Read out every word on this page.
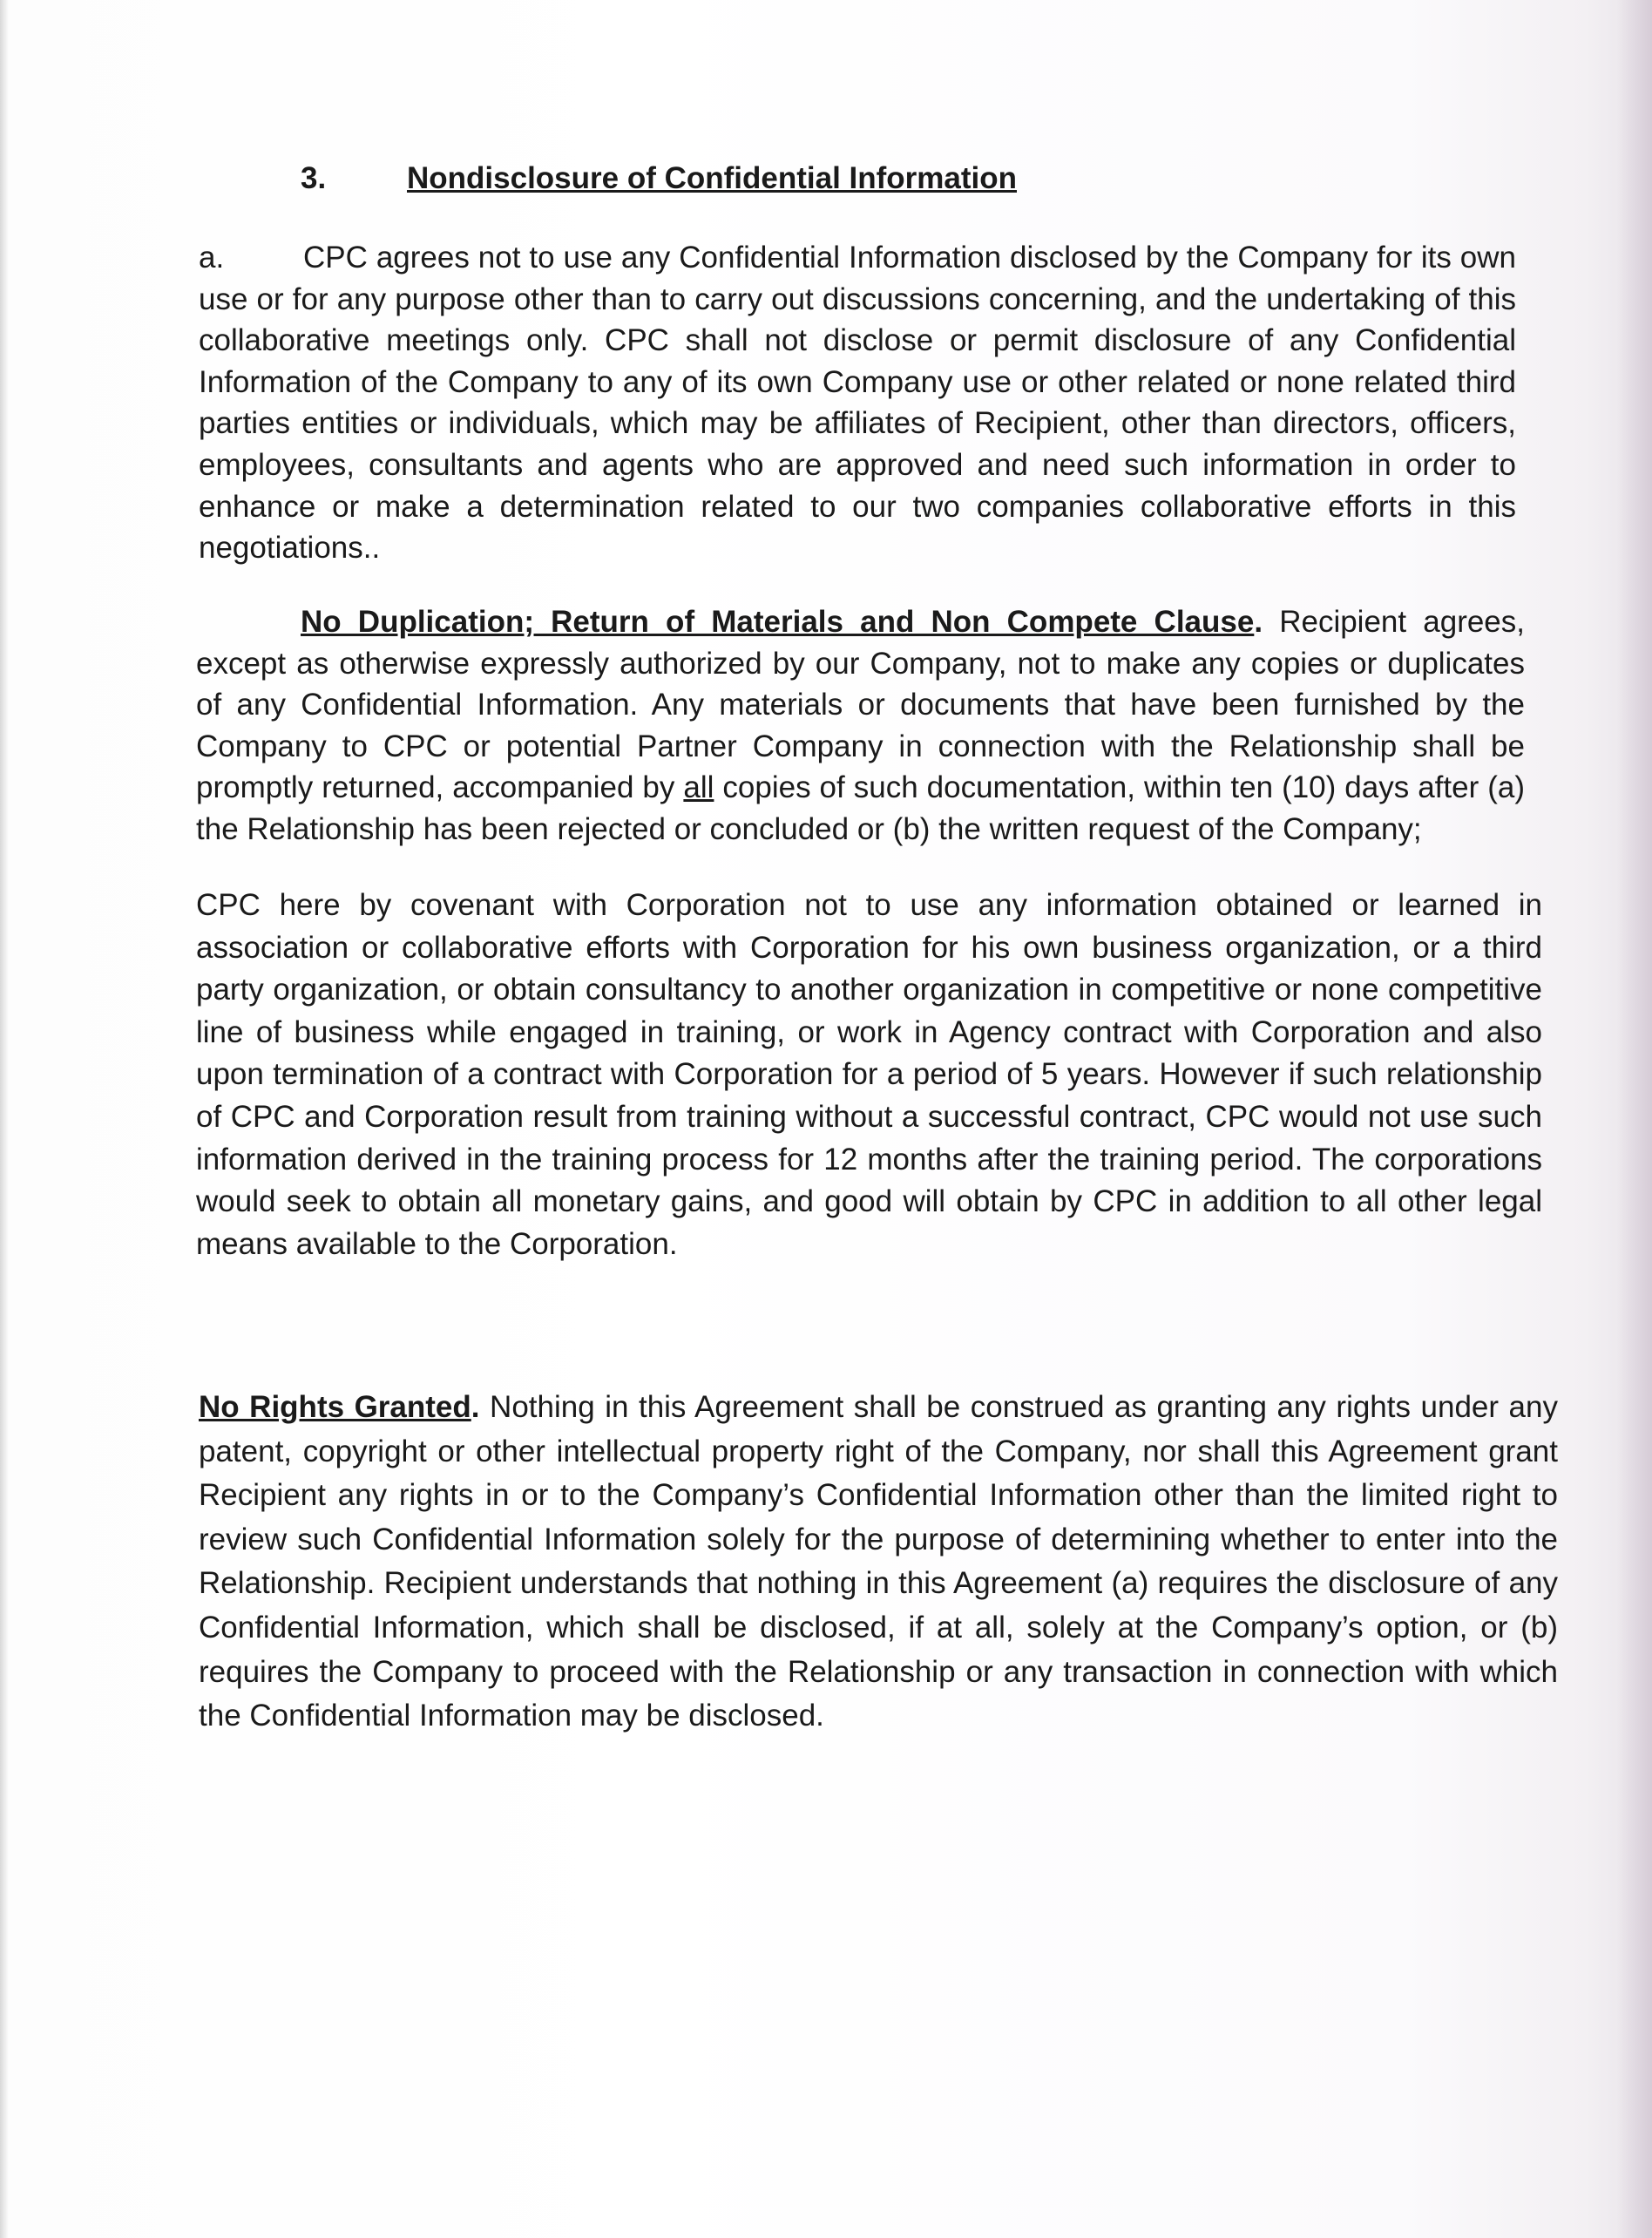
3.	Nondisclosure of Confidential Information

a.	CPC agrees not to use any Confidential Information disclosed by the Company for its own use or for any purpose other than to carry out discussions concerning, and the undertaking of this collaborative meetings only. CPC shall not disclose or permit disclosure of any Confidential Information of the Company to any of its own Company use or other related or none related third parties entities or individuals, which may be affiliates of Recipient, other than directors, officers, employees, consultants and agents who are approved and need such information in order to enhance or make a determination related to our two companies collaborative efforts in this negotiations..

No Duplication; Return of Materials and Non Compete Clause. Recipient agrees, except as otherwise expressly authorized by our Company, not to make any copies or duplicates of any Confidential Information. Any materials or documents that have been furnished by the Company to CPC or potential Partner Company in connection with the Relationship shall be promptly returned, accompanied by all copies of such documentation, within ten (10) days after (a) the Relationship has been rejected or concluded or (b) the written request of the Company;

CPC here by covenant with Corporation not to use any information obtained or learned in association or collaborative efforts with Corporation for his own business organization, or a third party organization, or obtain consultancy to another organization in competitive or none competitive line of business while engaged in training, or work in Agency contract with Corporation and also upon termination of a contract with Corporation for a period of 5 years. However if such relationship of CPC and Corporation result from training without a successful contract, CPC would not use such information derived in the training process for 12 months after the training period. The corporations would seek to obtain all monetary gains, and good will obtain by CPC in addition to all other legal means available to the Corporation.

No Rights Granted. Nothing in this Agreement shall be construed as granting any rights under any patent, copyright or other intellectual property right of the Company, nor shall this Agreement grant Recipient any rights in or to the Company’s Confidential Information other than the limited right to review such Confidential Information solely for the purpose of determining whether to enter into the Relationship. Recipient understands that nothing in this Agreement (a) requires the disclosure of any Confidential Information, which shall be disclosed, if at all, solely at the Company’s option, or (b) requires the Company to proceed with the Relationship or any transaction in connection with which the Confidential Information may be disclosed.
